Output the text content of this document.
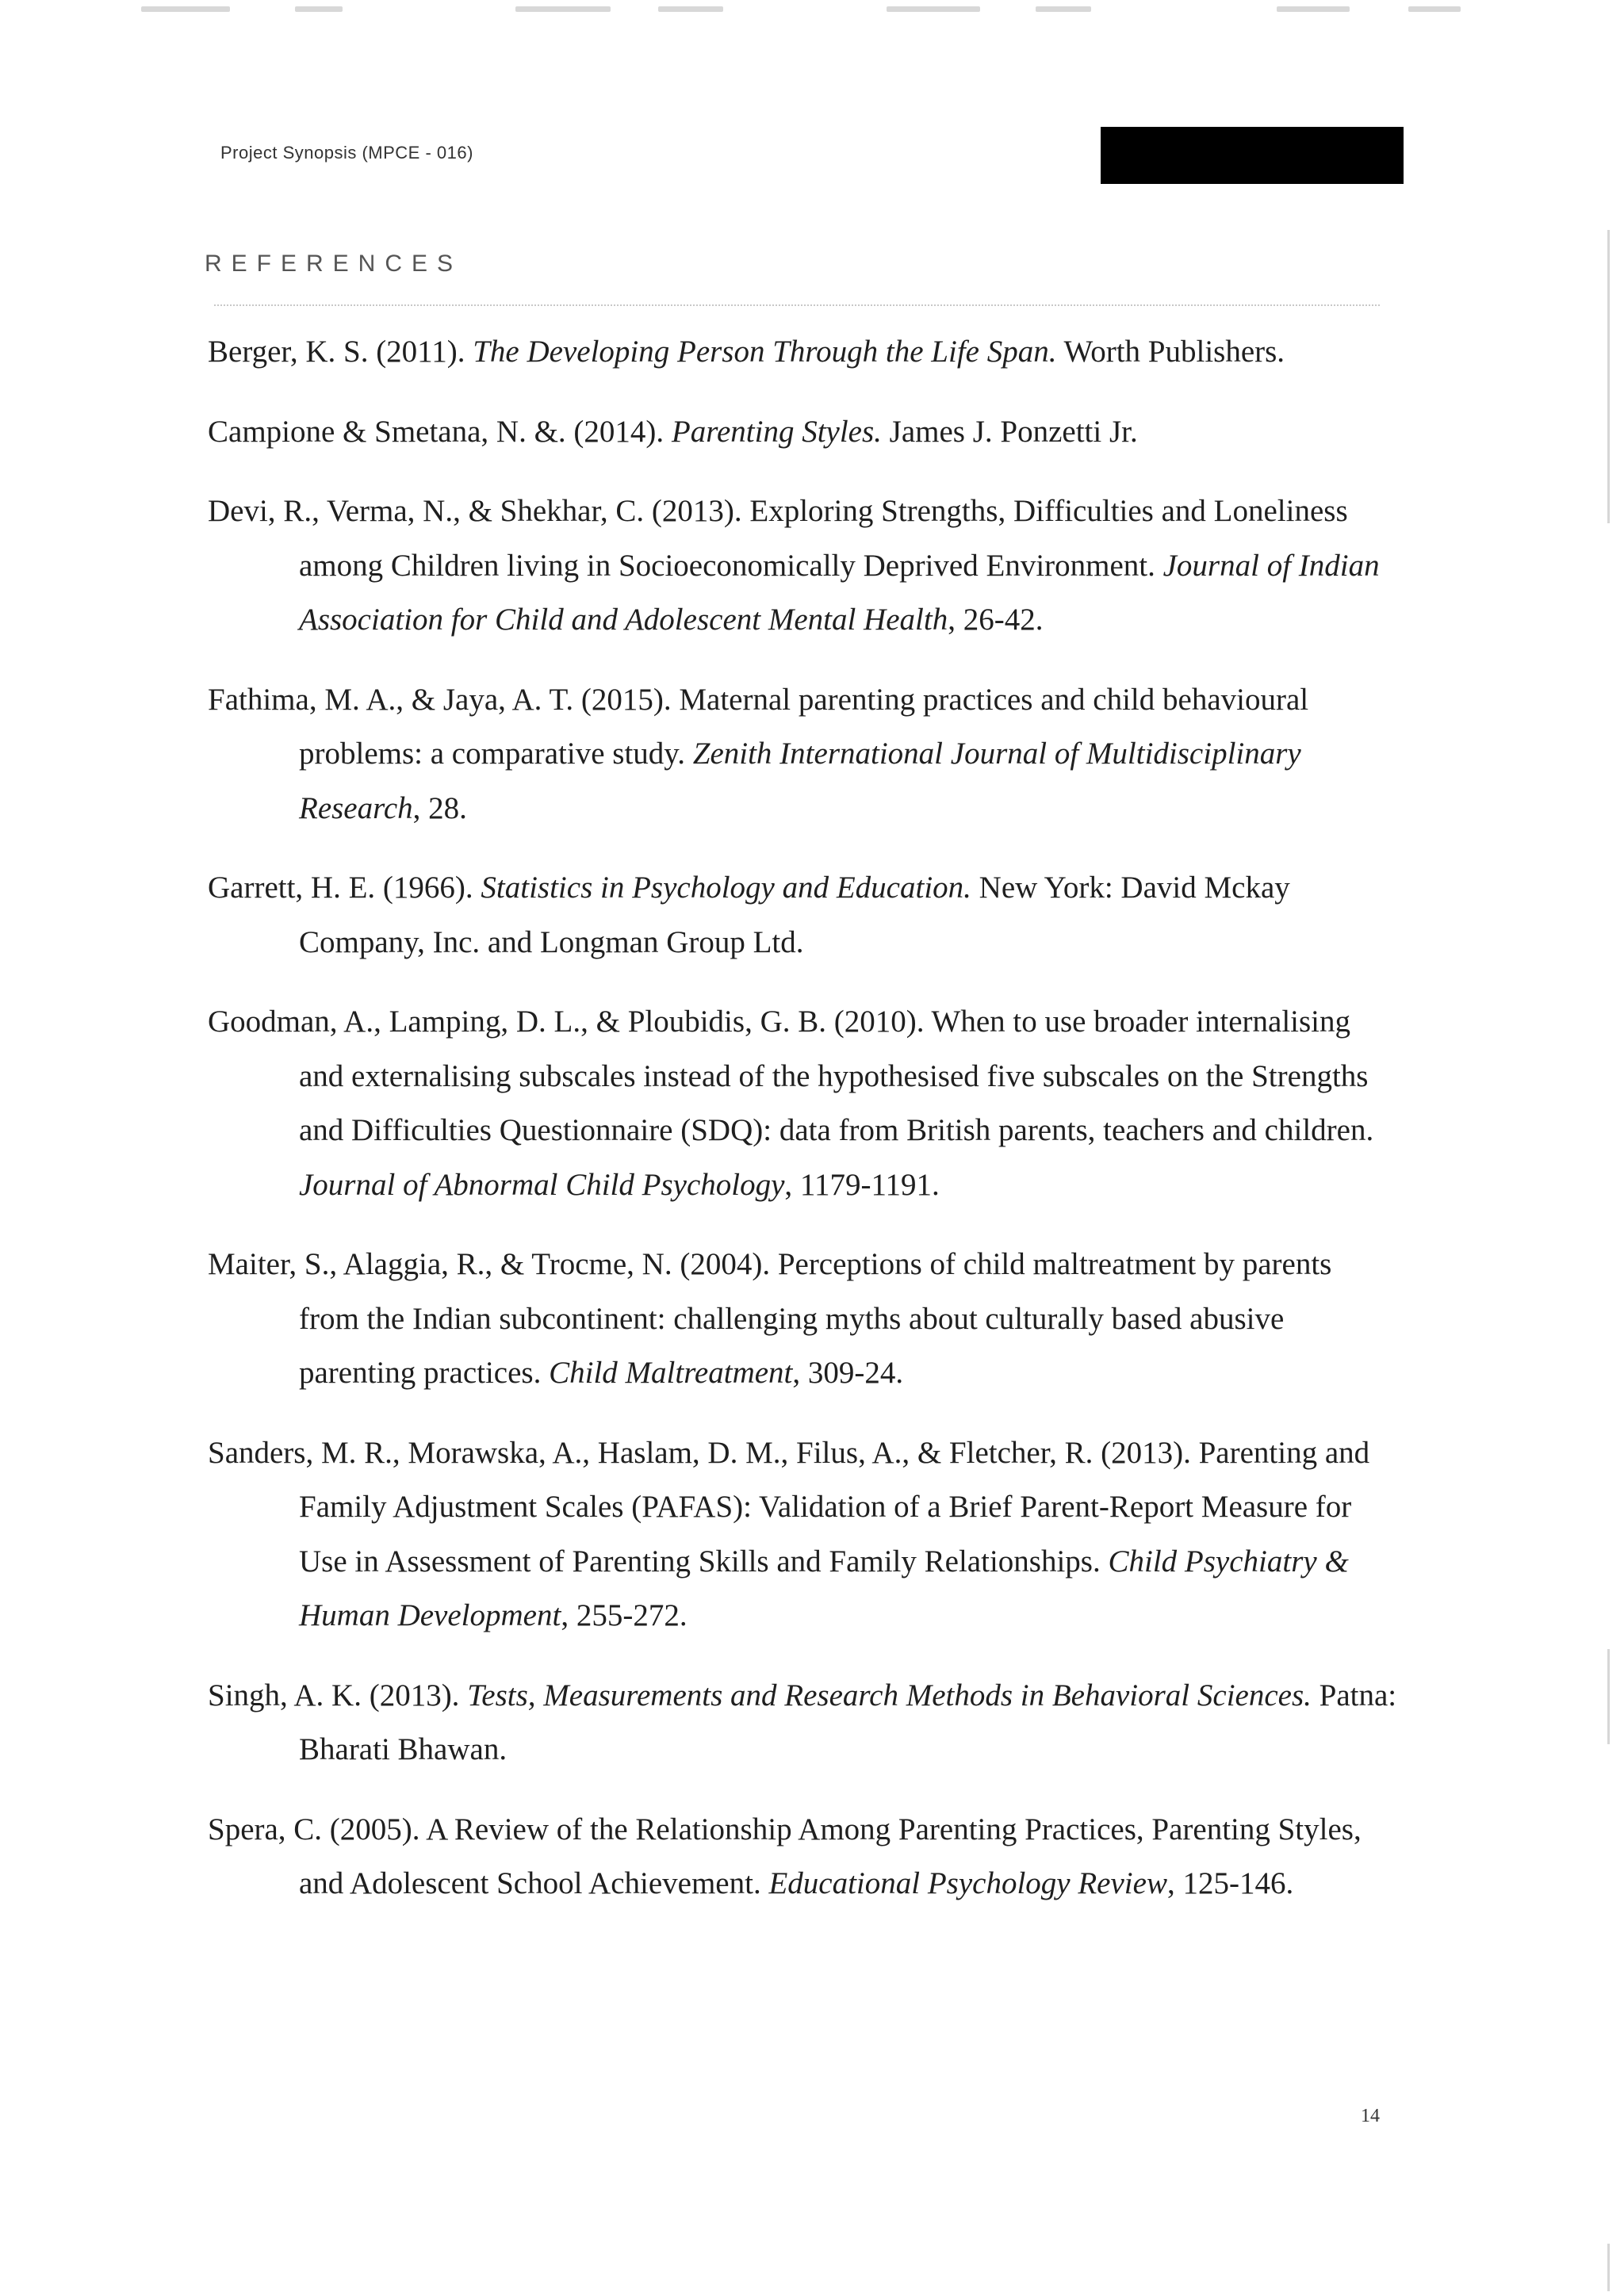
Project Synopsis (MPCE - 016)
REFERENCES

Berger, K. S. (2011). The Developing Person Through the Life Span. Worth Publishers.

Campione & Smetana, N. &. (2014). Parenting Styles. James J. Ponzetti Jr.

Devi, R., Verma, N., & Shekhar, C. (2013). Exploring Strengths, Difficulties and Loneliness among Children living in Socioeconomically Deprived Environment. Journal of Indian Association for Child and Adolescent Mental Health, 26-42.

Fathima, M. A., & Jaya, A. T. (2015). Maternal parenting practices and child behavioural problems: a comparative study. Zenith International Journal of Multidisciplinary Research, 28.

Garrett, H. E. (1966). Statistics in Psychology and Education. New York: David Mckay Company, Inc. and Longman Group Ltd.

Goodman, A., Lamping, D. L., & Ploubidis, G. B. (2010). When to use broader internalising and externalising subscales instead of the hypothesised five subscales on the Strengths and Difficulties Questionnaire (SDQ): data from British parents, teachers and children. Journal of Abnormal Child Psychology, 1179-1191.

Maiter, S., Alaggia, R., & Trocme, N. (2004). Perceptions of child maltreatment by parents from the Indian subcontinent: challenging myths about culturally based abusive parenting practices. Child Maltreatment, 309-24.

Sanders, M. R., Morawska, A., Haslam, D. M., Filus, A., & Fletcher, R. (2013). Parenting and Family Adjustment Scales (PAFAS): Validation of a Brief Parent-Report Measure for Use in Assessment of Parenting Skills and Family Relationships. Child Psychiatry & Human Development, 255-272.

Singh, A. K. (2013). Tests, Measurements and Research Methods in Behavioral Sciences. Patna: Bharati Bhawan.

Spera, C. (2005). A Review of the Relationship Among Parenting Practices, Parenting Styles, and Adolescent School Achievement. Educational Psychology Review, 125-146.

14
